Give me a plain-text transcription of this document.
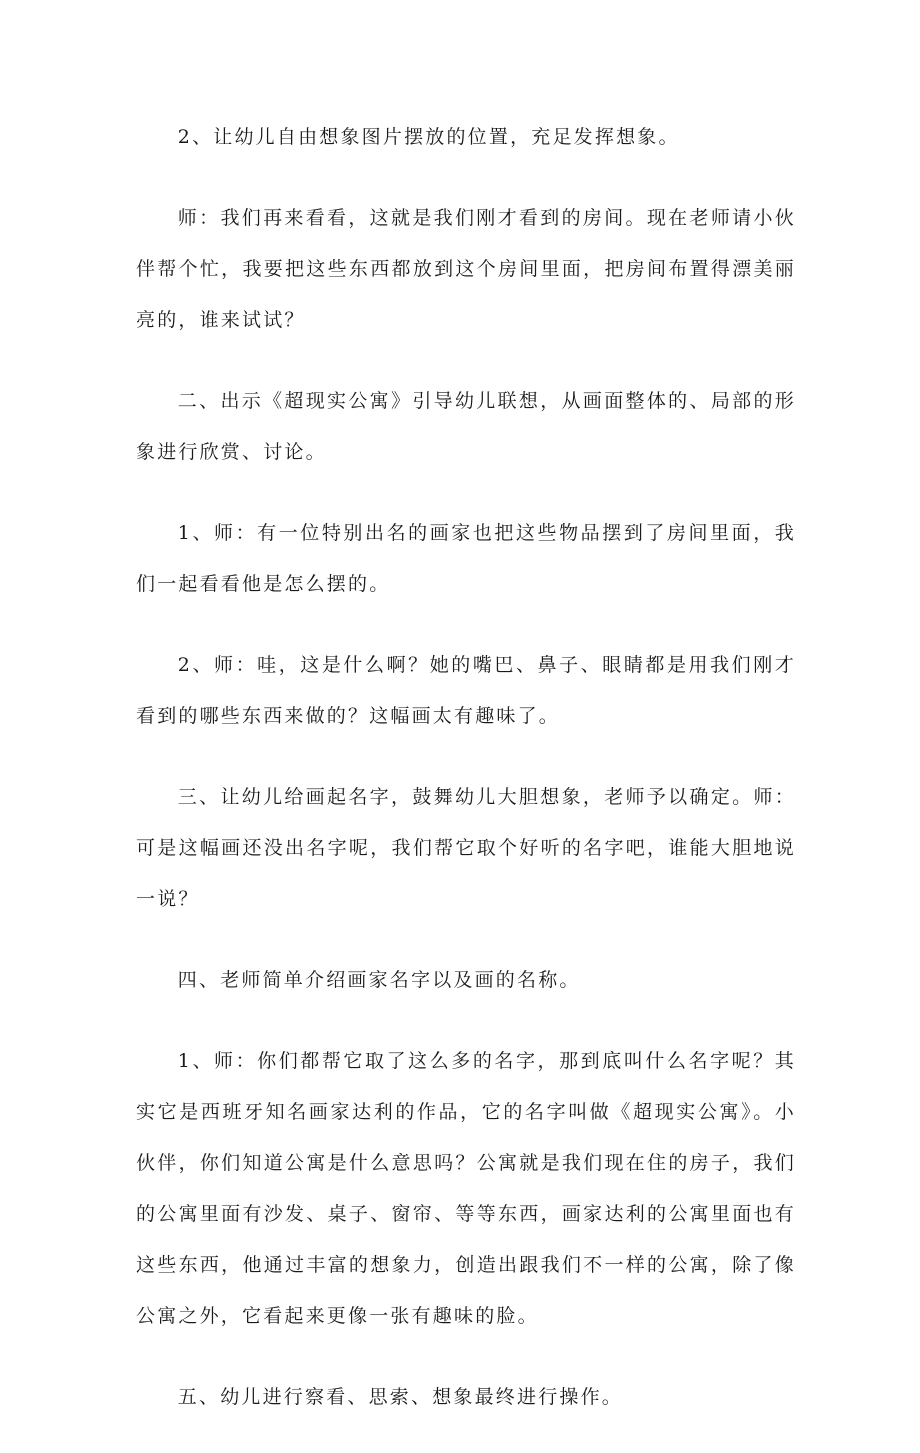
2、让幼儿自由想象图片摆放的位置，充足发挥想象。

师：我们再来看看，这就是我们刚才看到的房间。现在老师请小伙伴帮个忙，我要把这些东西都放到这个房间里面，把房间布置得漂美丽亮的，谁来试试？

二、出示《超现实公寓》引导幼儿联想，从画面整体的、局部的形象进行欣赏、讨论。

1、师：有一位特别出名的画家也把这些物品摆到了房间里面，我们一起看看他是怎么摆的。

2、师：哇，这是什么啊？她的嘴巴、鼻子、眼睛都是用我们刚才看到的哪些东西来做的？这幅画太有趣味了。

三、让幼儿给画起名字，鼓舞幼儿大胆想象，老师予以确定。师：可是这幅画还没出名字呢，我们帮它取个好听的名字吧，谁能大胆地说一说？

四、老师简单介绍画家名字以及画的名称。

1、师：你们都帮它取了这么多的名字，那到底叫什么名字呢？其实它是西班牙知名画家达利的作品，它的名字叫做《超现实公寓》。小伙伴，你们知道公寓是什么意思吗？公寓就是我们现在住的房子，我们的公寓里面有沙发、桌子、窗帘、等等东西，画家达利的公寓里面也有这些东西，他通过丰富的想象力，创造出跟我们不一样的公寓，除了像公寓之外，它看起来更像一张有趣味的脸。

五、幼儿进行察看、思索、想象最终进行操作。
